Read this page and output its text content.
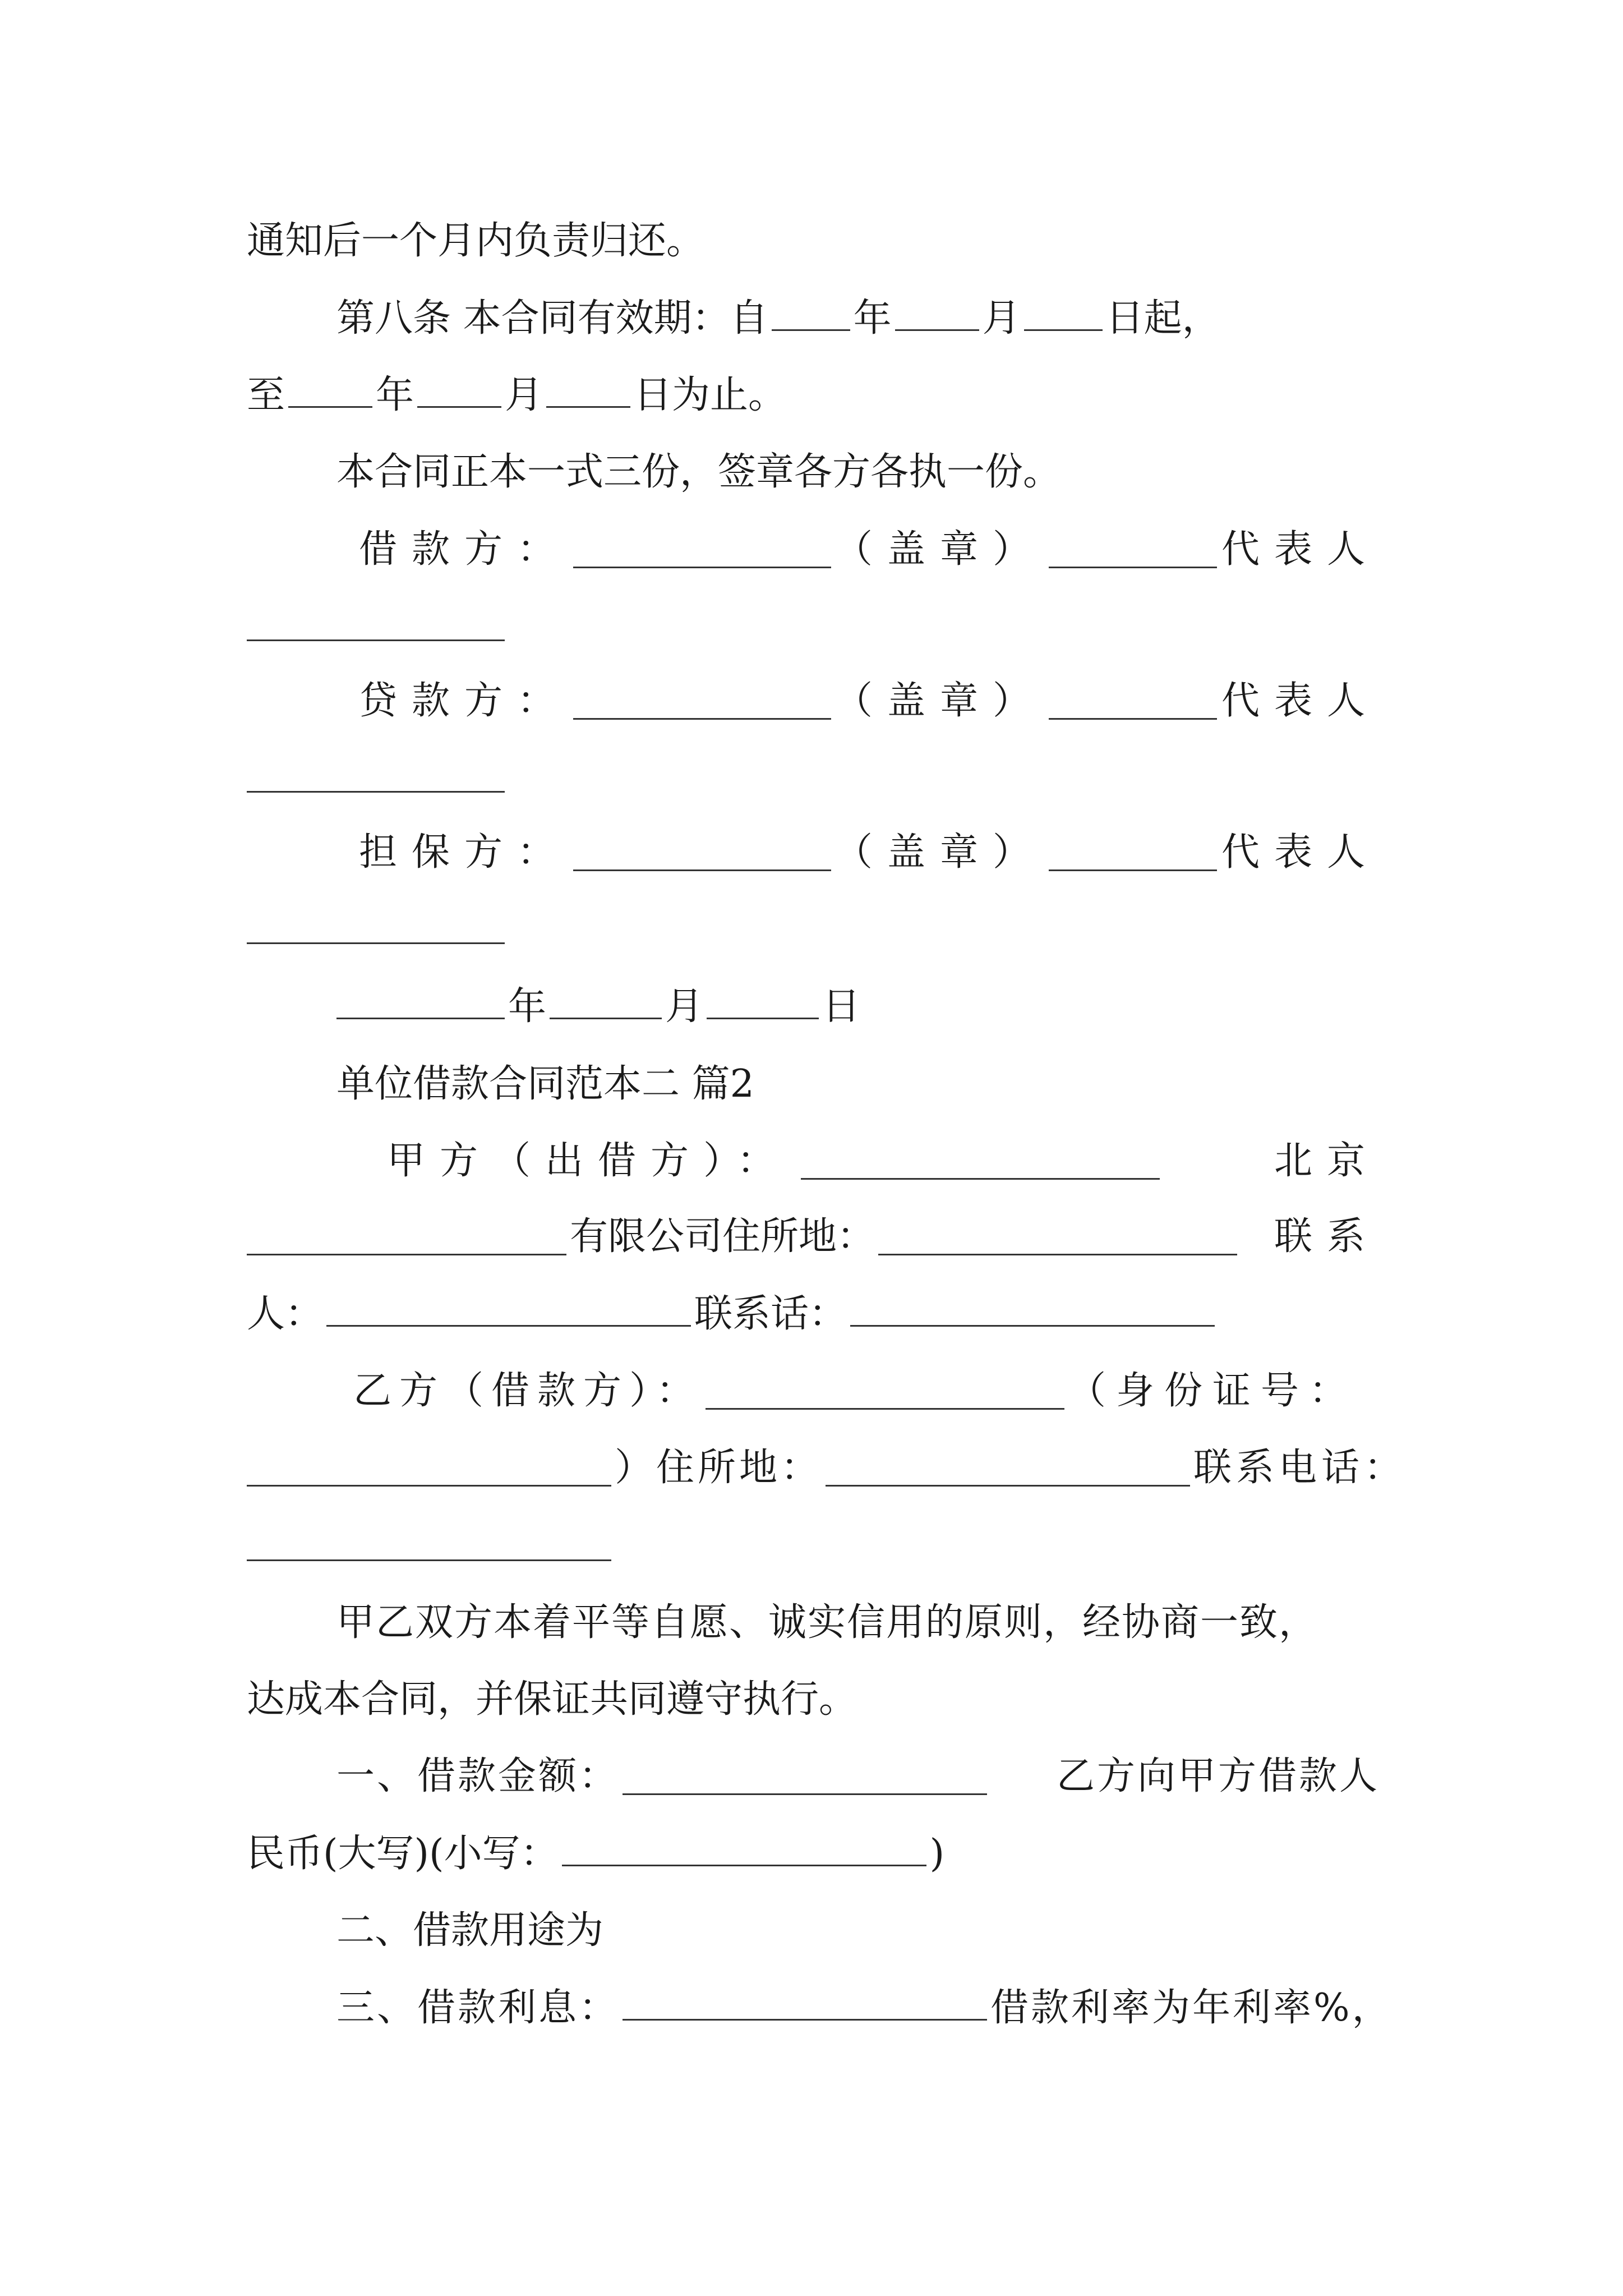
通知后一个月内负责归还。
第八条 本合同有效期：自 年 月 日起，
至 年 月 日为止。
本合同正本一式三份，签章各方各执一份。
借款方：	（盖章）	代表人
贷款方：	（盖章）	代表人
担保方：	（盖章）	代表人
年	月	日
单位借款合同范本二 篇2
甲方（出借方）：	北京
有限公司住所地：	联系
人：	联系话：
乙方（借款方）：	（身份证号：
）住所地：	联系电话：
甲乙双方本着平等自愿、诚实信用的原则，经协商一致，
达成本合同，并保证共同遵守执行。
一、借款金额：	乙方向甲方借款人
民币(大写)(小写：	)
二、借款用途为
三、借款利息：	借款利率为年利率%，
